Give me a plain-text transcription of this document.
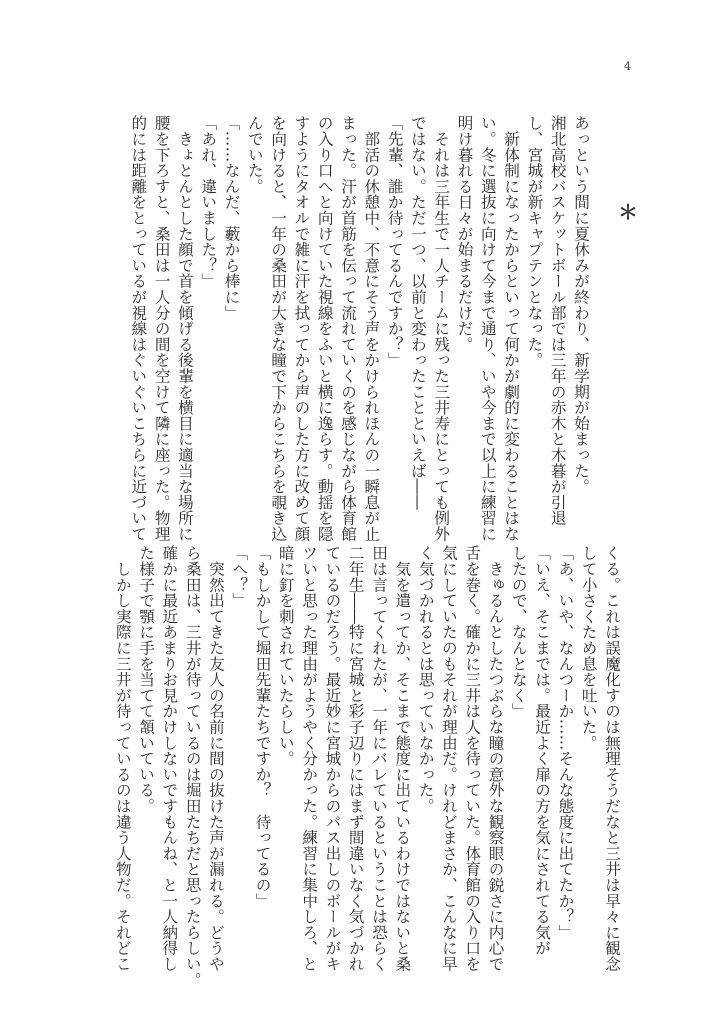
4
＊
あっという間に夏休みが終わり、新学期が始まった。
湘北高校バスケットボール部では三年の赤木と木暮が引退
し、宮城が新キャプテンとなった。
　新体制になったからといって何かが劇的に変わることはな
い。冬に選抜に向けて今まで通り、いや今まで以上に練習に
明け暮れる日々が始まるだけだ。
　それは三年生で一人チームに残った三井寿にとっても例外
ではない。ただ一つ、以前と変わったことといえば――
「先輩、誰か待ってるんですか？」
　部活の休憩中、不意にそう声をかけられほんの一瞬息が止
まった。汗が首筋を伝って流れていくのを感じながら体育館
の入り口へと向けていた視線をふいと横に逸らす。動揺を隠
すようにタオルで雑に汗を拭ってから声のした方に改めて顔
を向けると、一年の桑田が大きな瞳で下からこちらを覗き込
んでいた。
「……なんだ、藪から棒に」
「あれ、違いました？」
　きょとんとした顔で首を傾げる後輩を横目に適当な場所に
腰を下ろすと、桑田は一人分の間を空けて隣に座った。物理
的には距離をとっているが視線はぐいぐいこちらに近づいて
くる。これは誤魔化すのは無理そうだなと三井は早々に観念
して小さくため息を吐いた。
「あ、いや、なんつーか……そんな態度に出てたか？」
「いえ、そこまでは。最近よく扉の方を気にされてる気が
したので、なんとなく」
　きゅるんとしたつぶらな瞳の意外な観察眼の鋭さに内心で
舌を巻く。確かに三井は人を待っていた。体育館の入り口を
気にしていたのもそれが理由だ。けれどまさか、こんなに早
く気づかれるとは思っていなかった。
　気を遣ってか、そこまで態度に出ているわけではないと桑
田は言ってくれたが、一年にバレているということは恐らく
二年生――特に宮城と彩子辺りにはまず間違いなく気づかれ
ているのだろう。最近妙に宮城からのパス出しのボールがキ
ツいと思った理由がようやく分かった。練習に集中しろ、と
暗に釘を刺されていたらしい。
「もしかして堀田先輩たちですか？　待ってるの」
「へ？」
　突然出てきた友人の名前に間の抜けた声が漏れる。どうや
ら桑田は、三井が待っているのは堀田たちだと思ったらしい。
確かに最近あまりお見かけしないですもんね、と一人納得し
た様子で顎に手を当てて頷いている。
　しかし実際に三井が待っているのは違う人物だ。それどこ
